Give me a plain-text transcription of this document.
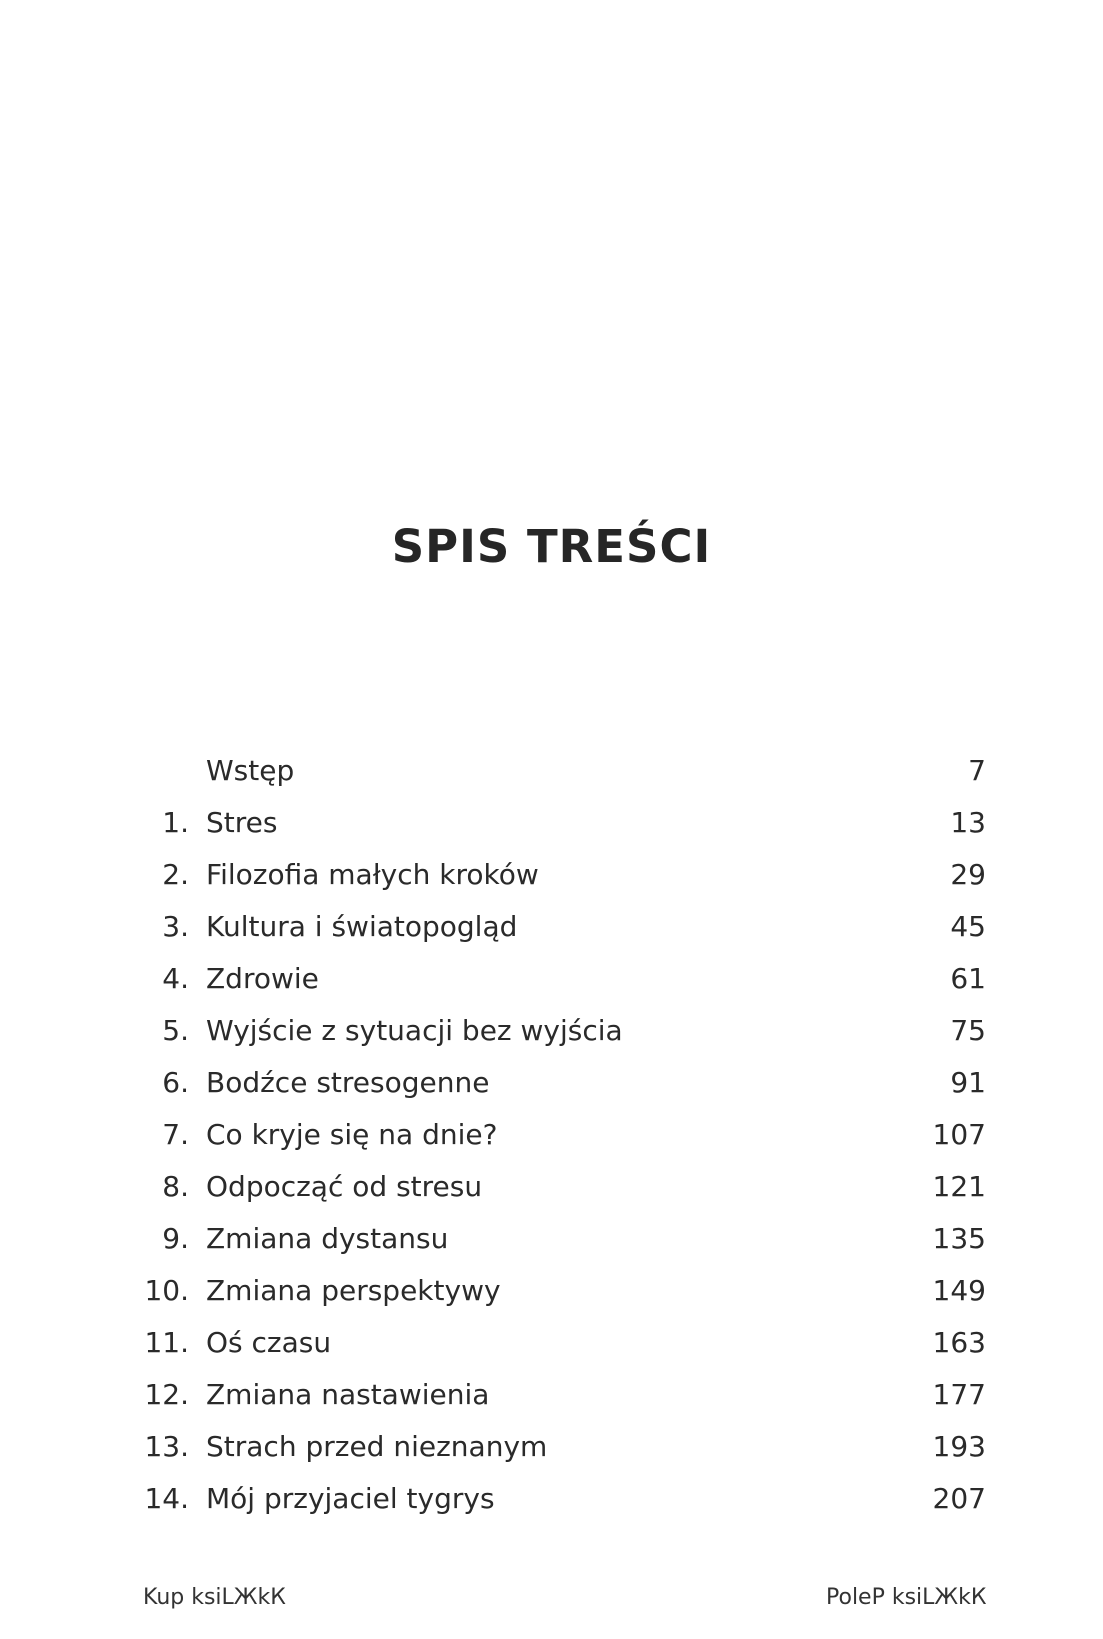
SPIS TREŚCI
Wstęp	7
1. Stres	13
2. Filozofia małych kroków	29
3. Kultura i światopogląd	45
4. Zdrowie	61
5. Wyjście z sytuacji bez wyjścia	75
6. Bodźce stresogenne	91
7. Co kryje się na dnie?	107
8. Odpocząć od stresu	121
9. Zmiana dystansu	135
10. Zmiana perspektywy	149
11. Oś czasu	163
12. Zmiana nastawienia	177
13. Strach przed nieznanym	193
14. Mój przyjaciel tygrys	207
Kup ksiLЖkК	PoleP ksiLЖkК
